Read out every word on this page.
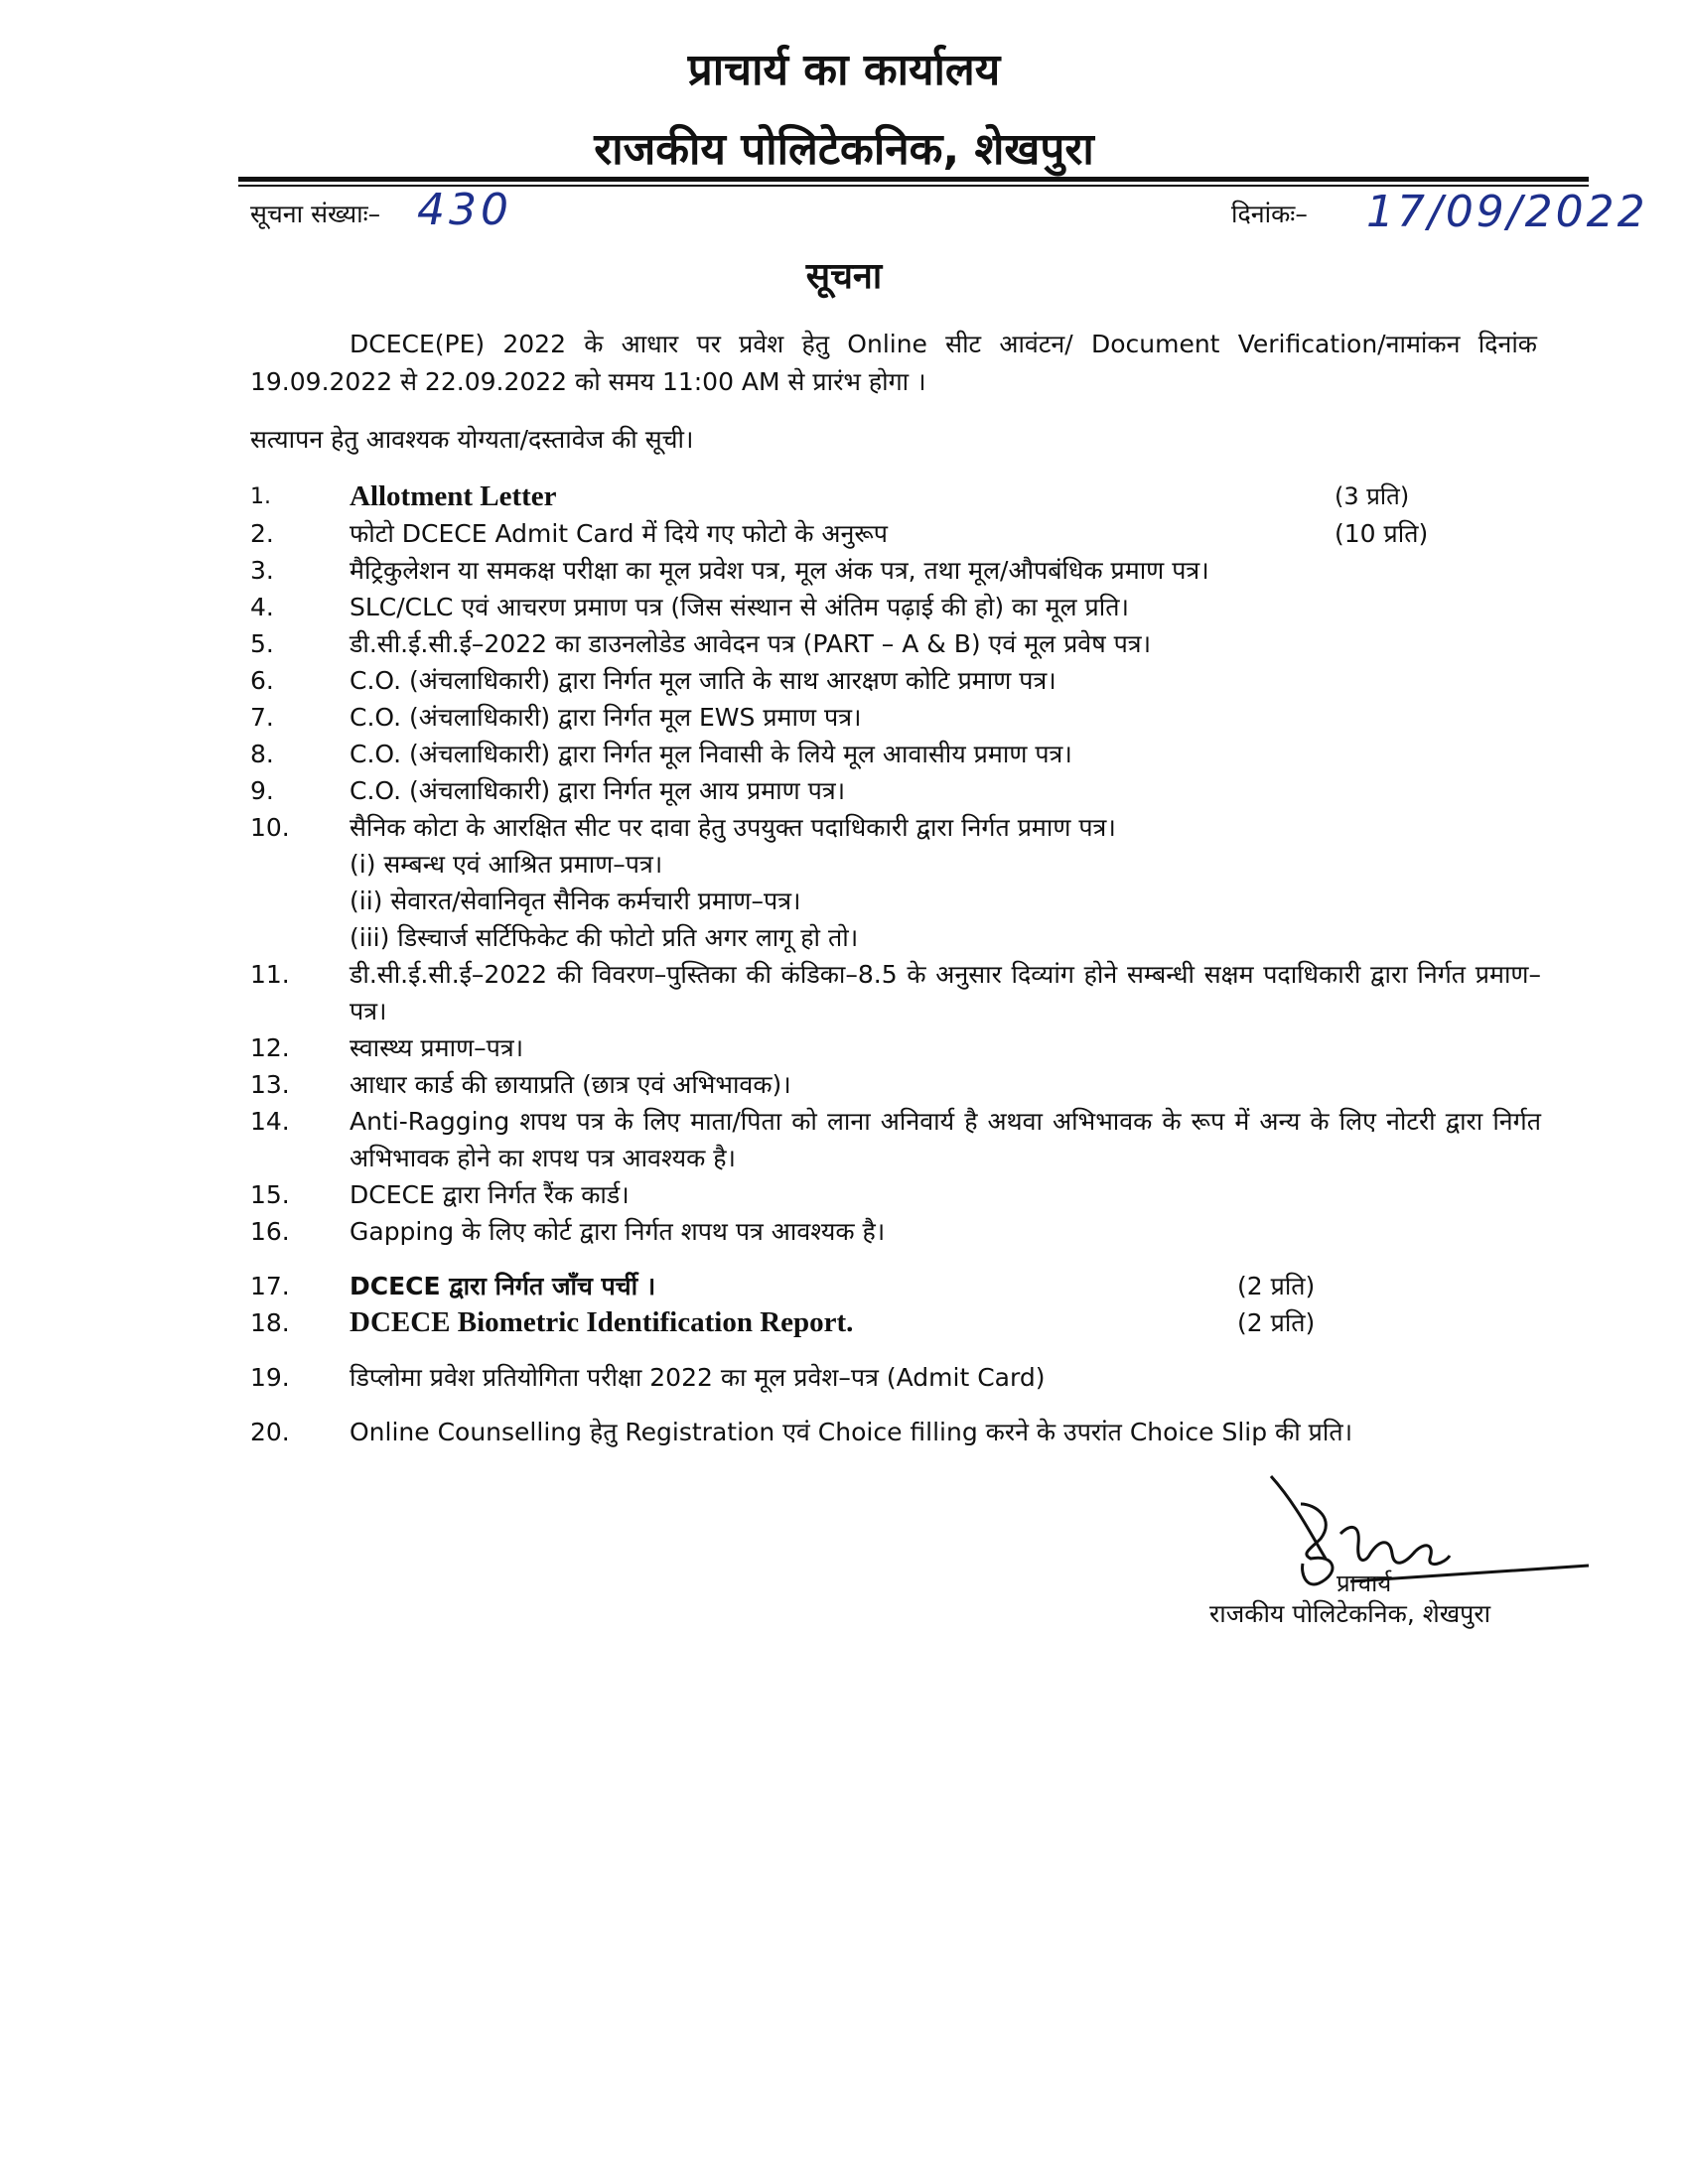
प्राचार्य का कार्यालय
राजकीय पोलिटेकनिक, शेखपुरा
सूचना संख्याः– 430	दिनांकः– 17/09/2022
सूचना
DCECE(PE) 2022 के आधार पर प्रवेश हेतु Online सीट आवंटन/ Document Verification/नामांकन दिनांक 19.09.2022 से 22.09.2022 को समय 11:00 AM से प्रारंभ होगा ।
सत्यापन हेतु आवश्यक योग्यता/दस्तावेज की सूची।
1.	Allotment Letter	(3 प्रति)
2.	फोटो DCECE Admit Card में दिये गए फोटो के अनुरूप	(10 प्रति)
3.	मैट्रिकुलेशन या समकक्ष परीक्षा का मूल प्रवेश पत्र, मूल अंक पत्र, तथा मूल/औपबंधिक प्रमाण पत्र।
4.	SLC/CLC एवं आचरण प्रमाण पत्र (जिस संस्थान से अंतिम पढ़ाई की हो) का मूल प्रति।
5.	डी.सी.ई.सी.ई–2022 का डाउनलोडेड आवेदन पत्र (PART – A & B) एवं मूल प्रवेष पत्र।
6.	C.O. (अंचलाधिकारी) द्वारा निर्गत मूल जाति के साथ आरक्षण कोटि प्रमाण पत्र।
7.	C.O. (अंचलाधिकारी) द्वारा निर्गत मूल EWS प्रमाण पत्र।
8.	C.O. (अंचलाधिकारी) द्वारा निर्गत मूल निवासी के लिये मूल आवासीय प्रमाण पत्र।
9.	C.O. (अंचलाधिकारी) द्वारा निर्गत मूल आय प्रमाण पत्र।
10.	सैनिक कोटा के आरक्षित सीट पर दावा हेतु उपयुक्त पदाधिकारी द्वारा निर्गत प्रमाण पत्र।
(i) सम्बन्ध एवं आश्रित प्रमाण–पत्र।
(ii) सेवारत/सेवानिवृत सैनिक कर्मचारी प्रमाण–पत्र।
(iii) डिस्चार्ज सर्टिफिकेट की फोटो प्रति अगर लागू हो तो।
11.	डी.सी.ई.सी.ई–2022 की विवरण–पुस्तिका की कंडिका–8.5 के अनुसार दिव्यांग होने सम्बन्धी सक्षम पदाधिकारी द्वारा निर्गत प्रमाण–पत्र।
12.	स्वास्थ्य प्रमाण–पत्र।
13.	आधार कार्ड की छायाप्रति (छात्र एवं अभिभावक)।
14.	Anti-Ragging शपथ पत्र के लिए माता/पिता को लाना अनिवार्य है अथवा अभिभावक के रूप में अन्य के लिए नोटरी द्वारा निर्गत अभिभावक होने का शपथ पत्र आवश्यक है।
15.	DCECE द्वारा निर्गत रैंक कार्ड।
16.	Gapping के लिए कोर्ट द्वारा निर्गत शपथ पत्र आवश्यक है।
17.	DCECE द्वारा निर्गत जाँच पर्ची ।	(2 प्रति)
18.	DCECE Biometric Identification Report.	(2 प्रति)
19.	डिप्लोमा प्रवेश प्रतियोगिता परीक्षा 2022 का मूल प्रवेश–पत्र (Admit Card)
20.	Online Counselling हेतु Registration एवं Choice filling करने के उपरांत Choice Slip की प्रति।
प्राचार्य
राजकीय पोलिटेकनिक, शेखपुरा
